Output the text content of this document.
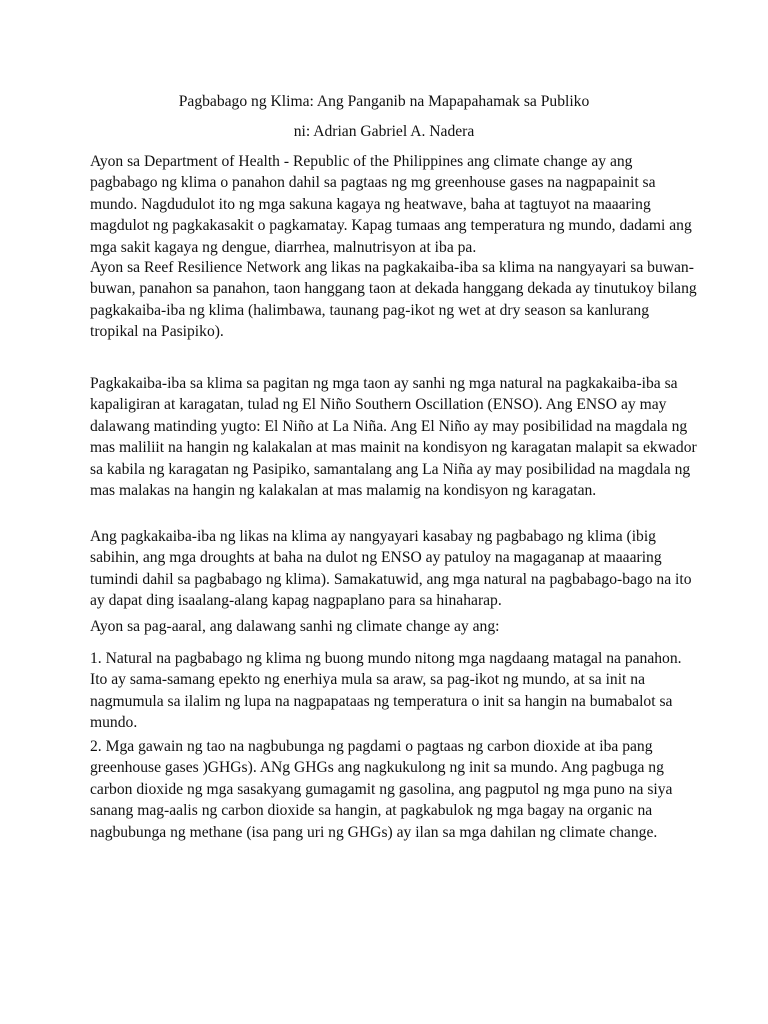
Pagbabago ng Klima: Ang Panganib na Mapapahamak sa Publiko
ni: Adrian Gabriel A. Nadera

Ayon sa Department of Health - Republic of the Philippines ang climate change ay ang
pagbabago ng klima o panahon dahil sa pagtaas ng mg greenhouse gases na nagpapainit sa
mundo. Nagdudulot ito ng mga sakuna kagaya ng heatwave, baha at tagtuyot na maaaring
magdulot ng pagkakasakit o pagkamatay. Kapag tumaas ang temperatura ng mundo, dadami ang
mga sakit kagaya ng dengue, diarrhea, malnutrisyon at iba pa.

Ayon sa Reef Resilience Network ang likas na pagkakaiba-iba sa klima na nangyayari sa buwan-
buwan, panahon sa panahon, taon hanggang taon at dekada hanggang dekada ay tinutukoy bilang
pagkakaiba-iba ng klima (halimbawa, taunang pag-ikot ng wet at dry season sa kanlurang
tropikal na Pasipiko).

Pagkakaiba-iba sa klima sa pagitan ng mga taon ay sanhi ng mga natural na pagkakaiba-iba sa
kapaligiran at karagatan, tulad ng El Niño Southern Oscillation (ENSO). Ang ENSO ay may
dalawang matinding yugto: El Niño at La Niña. Ang El Niño ay may posibilidad na magdala ng
mas maliliit na hangin ng kalakalan at mas mainit na kondisyon ng karagatan malapit sa ekwador
sa kabila ng karagatan ng Pasipiko, samantalang ang La Niña ay may posibilidad na magdala ng
mas malakas na hangin ng kalakalan at mas malamig na kondisyon ng karagatan.

Ang pagkakaiba-iba ng likas na klima ay nangyayari kasabay ng pagbabago ng klima (ibig
sabihin, ang mga droughts at baha na dulot ng ENSO ay patuloy na magaganap at maaaring
tumindi dahil sa pagbabago ng klima). Samakatuwid, ang mga natural na pagbabago-bago na ito
ay dapat ding isaalang-alang kapag nagpaplano para sa hinaharap.

Ayon sa pag-aaral, ang dalawang sanhi ng climate change ay ang:

1. Natural na pagbabago ng klima ng buong mundo nitong mga nagdaang matagal na panahon.
Ito ay sama-samang epekto ng enerhiya mula sa araw, sa pag-ikot ng mundo, at sa init na
nagmumula sa ilalim ng lupa na nagpapataas ng temperatura o init sa hangin na bumabalot sa
mundo.

2. Mga gawain ng tao na nagbubunga ng pagdami o pagtaas ng carbon dioxide at iba pang
greenhouse gases )GHGs). ANg GHGs ang nagkukulong ng init sa mundo. Ang pagbuga ng
carbon dioxide ng mga sasakyang gumagamit ng gasolina, ang pagputol ng mga puno na siya
sanang mag-aalis ng carbon dioxide sa hangin, at pagkabulok ng mga bagay na organic na
nagbubunga ng methane (isa pang uri ng GHGs) ay ilan sa mga dahilan ng climate change.
